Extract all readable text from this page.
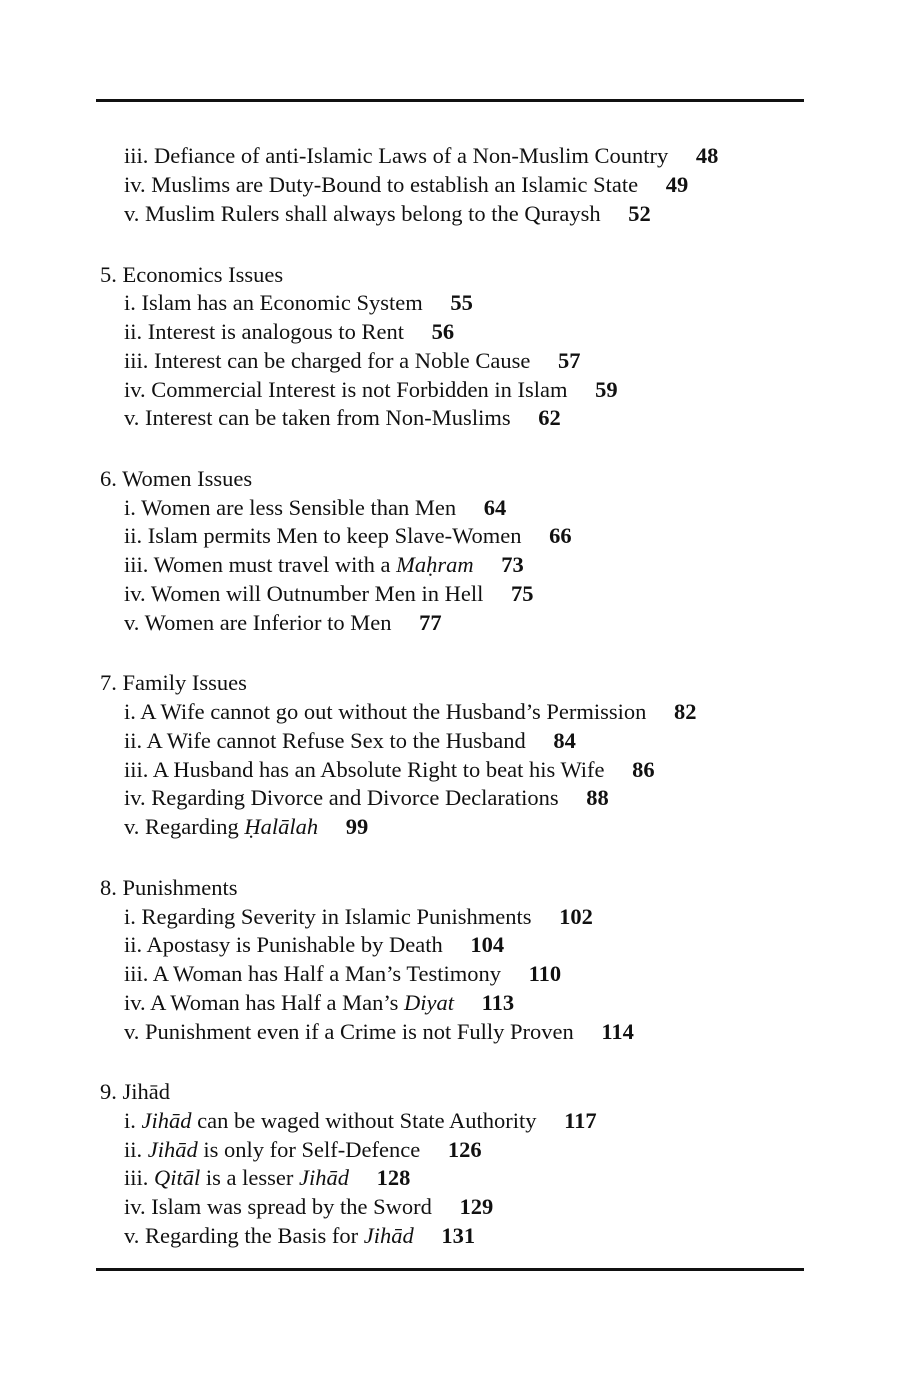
iii. Defiance of anti-Islamic Laws of a Non-Muslim Country 48
iv. Muslims are Duty-Bound to establish an Islamic State 49
v. Muslim Rulers shall always belong to the Quraysh 52
5. Economics Issues
i. Islam has an Economic System 55
ii. Interest is analogous to Rent 56
iii. Interest can be charged for a Noble Cause 57
iv. Commercial Interest is not Forbidden in Islam 59
v. Interest can be taken from Non-Muslims 62
6. Women Issues
i. Women are less Sensible than Men 64
ii. Islam permits Men to keep Slave-Women 66
iii. Women must travel with a Maḥram 73
iv. Women will Outnumber Men in Hell 75
v. Women are Inferior to Men 77
7. Family Issues
i. A Wife cannot go out without the Husband’s Permission 82
ii. A Wife cannot Refuse Sex to the Husband 84
iii. A Husband has an Absolute Right to beat his Wife 86
iv. Regarding Divorce and Divorce Declarations 88
v. Regarding Ḥalālah 99
8. Punishments
i. Regarding Severity in Islamic Punishments 102
ii. Apostasy is Punishable by Death 104
iii. A Woman has Half a Man’s Testimony 110
iv. A Woman has Half a Man’s Diyat 113
v. Punishment even if a Crime is not Fully Proven 114
9. Jihād
i. Jihād can be waged without State Authority 117
ii. Jihād is only for Self-Defence 126
iii. Qitāl is a lesser Jihād 128
iv. Islam was spread by the Sword 129
v. Regarding the Basis for Jihād 131
